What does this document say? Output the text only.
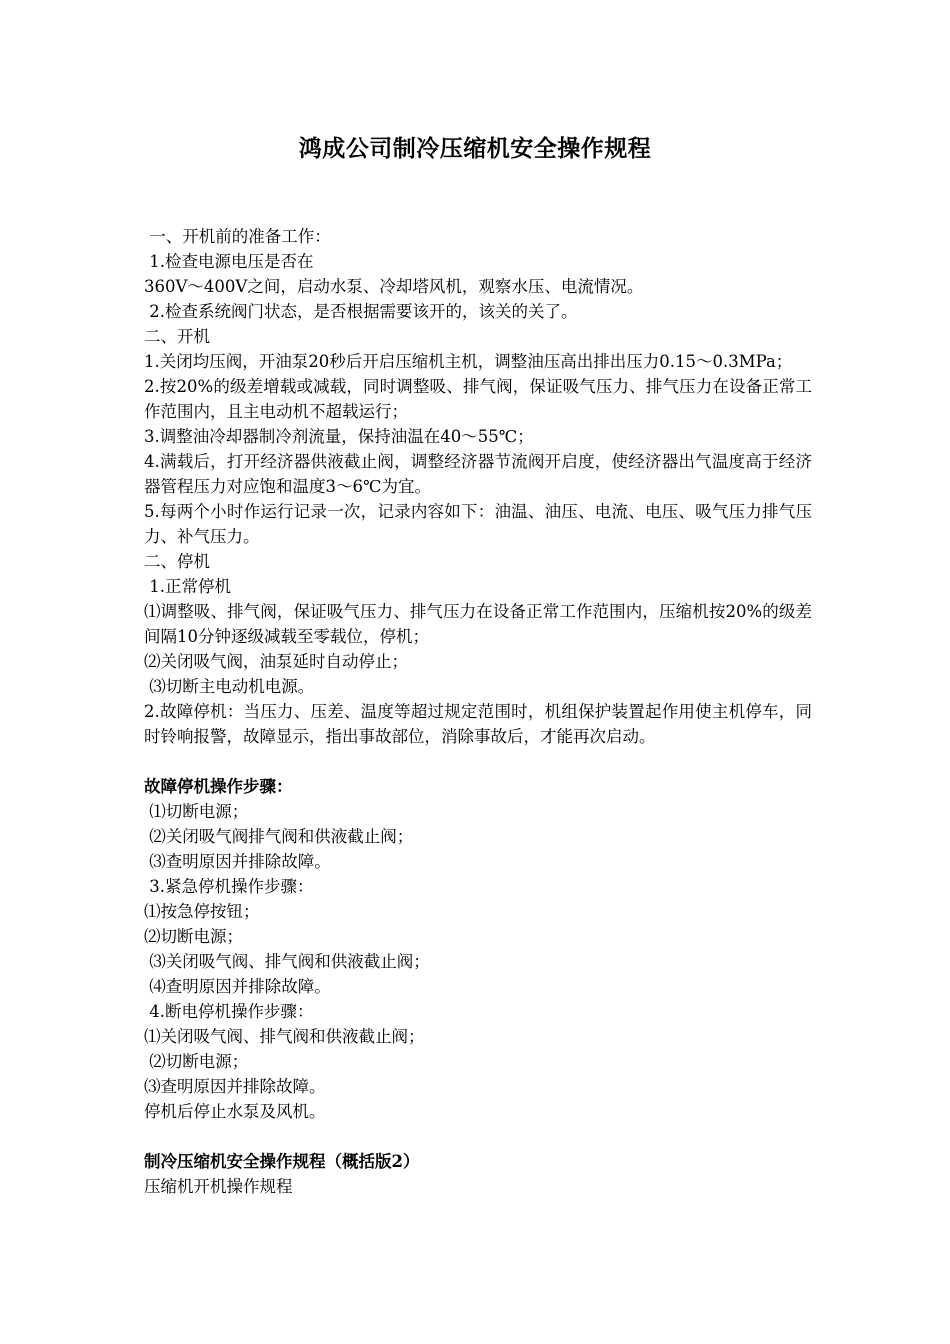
鸿成公司制冷压缩机安全操作规程
一、开机前的准备工作：
1.检查电源电压是否在
360V～400V之间，启动水泵、冷却塔风机，观察水压、电流情况。
2.检查系统阀门状态，是否根据需要该开的，该关的关了。
二、开机
1.关闭均压阀，开油泵20秒后开启压缩机主机，调整油压高出排出压力0.15～0.3MPa；
2.按20%的级差增载或减载，同时调整吸、排气阀，保证吸气压力、排气压力在设备正常工作范围内，且主电动机不超载运行；
3.调整油冷却器制冷剂流量，保持油温在40～55℃；
4.满载后，打开经济器供液截止阀，调整经济器节流阀开启度，使经济器出气温度高于经济器管程压力对应饱和温度3～6℃为宜。
5.每两个小时作运行记录一次，记录内容如下：油温、油压、电流、电压、吸气压力排气压力、补气压力。
二、停机
1.正常停机
⑴调整吸、排气阀，保证吸气压力、排气压力在设备正常工作范围内，压缩机按20%的级差间隔10分钟逐级减载至零载位，停机；
⑵关闭吸气阀，油泵延时自动停止；
⑶切断主电动机电源。
2.故障停机：当压力、压差、温度等超过规定范围时，机组保护装置起作用使主机停车，同时铃响报警，故障显示，指出事故部位，消除事故后，才能再次启动。
故障停机操作步骤：
⑴切断电源；
⑵关闭吸气阀排气阀和供液截止阀；
⑶查明原因并排除故障。
3.紧急停机操作步骤：
⑴按急停按钮；
⑵切断电源；
⑶关闭吸气阀、排气阀和供液截止阀；
⑷查明原因并排除故障。
4.断电停机操作步骤：
⑴关闭吸气阀、排气阀和供液截止阀；
⑵切断电源；
⑶查明原因并排除故障。
停机后停止水泵及风机。
制冷压缩机安全操作规程（概括版2）
压缩机开机操作规程
